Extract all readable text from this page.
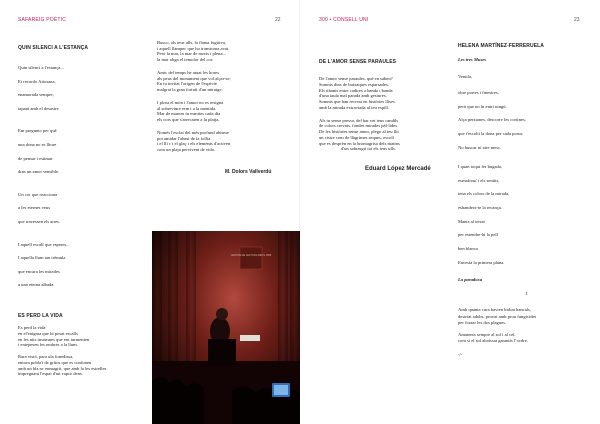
SAFAREIG POÈTIC	22

QUIN SILENCI A L'ESTANÇA

Quin silenci a l'estança...

Et recordo Aitosana,

enamorada sempre,

tapant amb el desastre

Em pregunto per què

una dona no es lliure

de pensar i estimar

dins un amor sensible.

Un cor que reacciona

a les eternes veus

que travessen els aires.

I aquell escalf que esperes...

I aquella llum tan trèmula

que encara les mirades

a una eterna albada.

ES PERD LA VIDA

Es perd la vida

en el'enigma que hi posat escalls

en les nits insomnes que em turmenten

i entepesen les ombres a la llum.

Rara visió, para ula fonedissa,

entorn pobla't de gritos que es confonen

amb un bla nc enmagrit, que amb la les estrelles

impregnant l'espai d'un vapor dens.

Busco, als teus ulls, la flama fugitiva,

i aquell llampec que ho transtorna avat.

Però la mar, la mar de morts i plena...

la mar obga el temolor del cor.

Amic del temps he atuat les hores

als peus del monument que vol alçar-se;

En tu invitat l'origen de l'espècie

malgrat la gran fortuít d'un miratge.

I plora el mòn i l'amor no es resigna

al sobreviure erm i a la mentida.

Mar de mareas tu esmites cada dia

els cors que s'arrecaten a la platja,

Només l'esclat del més profund abisme

pot amidar l'abast de la follia

i el llí c i el glaç i els elements d'activen

com un plaja pervivent de vida.

M. Dolors Vallverdú

CENTRE DE LECTURA REUS 1859
300 • CONSELL UNI	23

DE L'AMOR SENSE PARAULES

De l'amor sense paraules, què en saben?

Somnis dins de butxaques esparsades,

Els tibants entre cadires a banda i banda

d'una taula mal parada amb gestures.

Somnis que han recreat en històries llises

amb la mirada extraviada al teu espill.

Als tu sense pressa, del bar vet teus candils

de colors crevats, fondes mirades pàl·lides.

De les històries sense amor, plego al teu llit

un cistre com de llàgrimes seques, escolí

que es desprèn en la bromagrisa dels matins

d'un sabrasgit tot els teus ulls.

Eduard López Mercadé

HELENA MARTÍNEZ-FERRERUELA

Les tres Muses

Ventila,

obre portes i finestres,

però que no hi entri ningú.

Alça persianes, descorre les cortines,

que t'escolti la dona per cada porus.

No buscar ni aire mesc.

I quan toqui fer bugada,

esrnafona' t els sentits,

tena els colors de la mirada,

esbandeix-te la recança.

Mants al terrat

per estendre-hi la pell

ben blanca

Encesta la primera plana.

La paradoxa

I

Amb quanta cura havien birbat bancals,

destriat adobs, provat amb prou fungicides

per foraar les dos plagues.

Amatents sempre al sol i al cel,

com si el sol aboïssat garantís l' ordre.

-/-
